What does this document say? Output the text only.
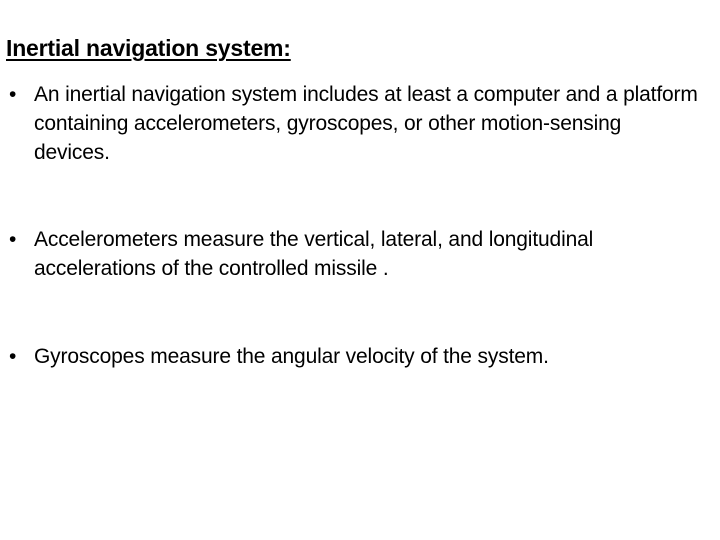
Inertial navigation system:
• An inertial navigation system includes at least a computer and a platform containing accelerometers, gyroscopes, or other motion-sensing devices.
• Accelerometers measure the vertical, lateral, and longitudinal accelerations of the controlled missile .
• Gyroscopes measure the angular velocity of the system.
